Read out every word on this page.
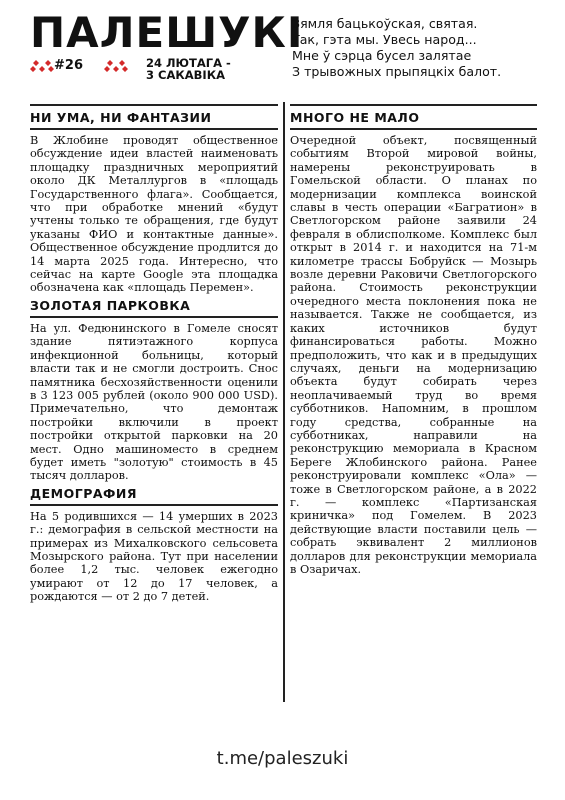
ПАЛЕШУКІ
#26	24 ЛЮТАГА -
3 САКАВІКА
Зямля бацькоўская, святая.
Так, гэта мы. Увесь народ...
Мне ў сэрца бусел залятае
З трывожных прыпяцкіх балот.
НИ УМА, НИ ФАНТАЗИИ

В Жлобине проводят общественное обсуждение идеи властей наименовать площадку праздничных мероприятий около ДК Металлургов в «площадь Государственного флага». Сообщается, что при обработке мнений «будут учтены только те обращения, где будут указаны ФИО и контактные данные». Общественное обсуждение продлится до 14 марта 2025 года. Интересно, что сейчас на карте Google эта площадка обозначена как «площадь Перемен».

ЗОЛОТАЯ ПАРКОВКА

На ул. Федюнинского в Гомеле сносят здание пятиэтажного корпуса инфекционной больницы, который власти так и не смогли достроить. Снос памятника бесхозяйственности оценили в 3 123 005 рублей (около 900 000 USD). Примечательно, что демонтаж постройки включили в проект постройки открытой парковки на 20 мест. Одно машиноместо в среднем будет иметь "золотую" стоимость в 45 тысяч долларов.

ДЕМОГРАФИЯ

На 5 родившихся — 14 умерших в 2023 г.: демография в сельской местности на примерах из Михалковского сельсовета Мозырского района. Тут при населении более 1,2 тыс. человек ежегодно умирают от 12 до 17 человек, а рождаются — от 2 до 7 детей.

МНОГО НЕ МАЛО

Очередной объект, посвященный событиям Второй мировой войны, намерены реконструировать в Гомельской области. О планах по модернизации комплекса воинской славы в честь операции «Багратион» в Светлогорском районе заявили 24 февраля в облисполкоме. Комплекс был открыт в 2014 г. и находится на 71-м километре трассы Бобруйск — Мозырь возле деревни Раковичи Светлогорского района. Стоимость реконструкции очередного места поклонения пока не называется. Также не сообщается, из каких источников будут финансироваться работы. Можно предположить, что как и в предыдущих случаях, деньги на модернизацию объекта будут собирать через неоплачиваемый труд во время субботников. Напомним, в прошлом году средства, собранные на субботниках, направили на реконструкцию мемориала в Красном Береге Жлобинского района. Ранее реконструировали комплекс «Ола» — тоже в Светлогорском районе, а в 2022 г. — комплекс «Партизанская криничка» под Гомелем. В 2023 действующие власти поставили цель — собрать эквивалент 2 миллионов долларов для реконструкции мемориала в Озаричах.

t.me/paleszuki
